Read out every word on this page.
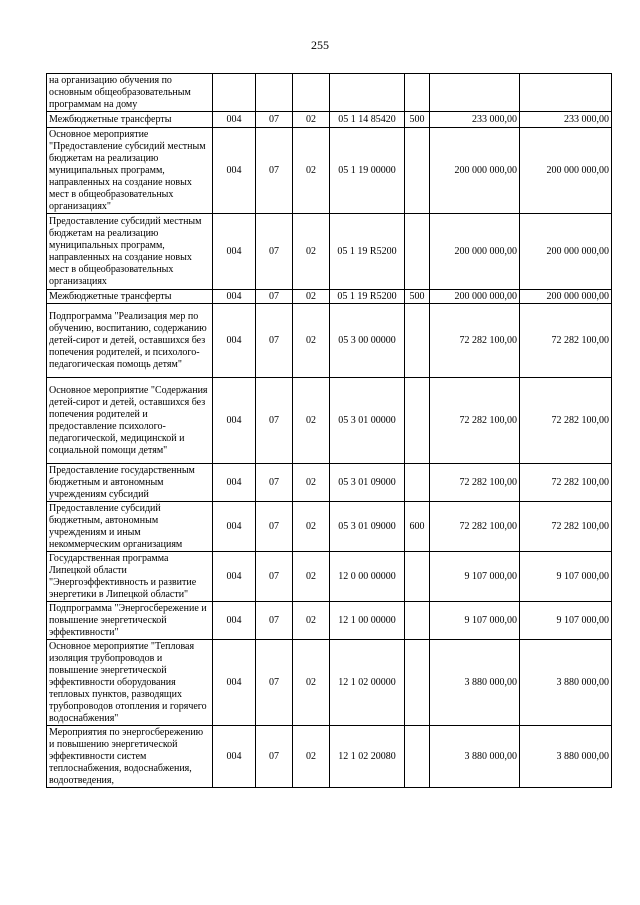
255
на организацию обучения по основным общеобразовательным программам на дому							
Межбюджетные трансферты	004	07	02	05 1 14 85420	500	233 000,00	233 000,00
Основное мероприятие "Предоставление субсидий местным бюджетам на реализацию муниципальных программ, направленных на создание новых мест в общеобразовательных организациях"	004	07	02	05 1 19 00000		200 000 000,00	200 000 000,00
Предоставление субсидий местным бюджетам на реализацию муниципальных программ, направленных на создание новых мест в общеобразовательных организациях	004	07	02	05 1 19 R5200		200 000 000,00	200 000 000,00
Межбюджетные трансферты	004	07	02	05 1 19 R5200	500	200 000 000,00	200 000 000,00
Подпрограмма "Реализация мер по обучению, воспитанию, содержанию детей-сирот и детей, оставшихся без попечения родителей, и психолого-педагогическая помощь детям"	004	07	02	05 3 00 00000		72 282 100,00	72 282 100,00
Основное мероприятие "Содержания детей-сирот и детей, оставшихся без попечения родителей и предоставление психолого-педагогической, медицинской и социальной помощи детям"	004	07	02	05 3 01 00000		72 282 100,00	72 282 100,00
Предоставление государственным бюджетным и автономным учреждениям субсидий	004	07	02	05 3 01 09000		72 282 100,00	72 282 100,00
Предоставление субсидий бюджетным, автономным учреждениям и иным некоммерческим организациям	004	07	02	05 3 01 09000	600	72 282 100,00	72 282 100,00
Государственная программа Липецкой области "Энергоэффективность и развитие энергетики в Липецкой области"	004	07	02	12 0 00 00000		9 107 000,00	9 107 000,00
Подпрограмма "Энергосбережение и повышение энергетической эффективности"	004	07	02	12 1 00 00000		9 107 000,00	9 107 000,00
Основное мероприятие "Тепловая изоляция трубопроводов и повышение энергетической эффективности оборудования тепловых пунктов, разводящих трубопроводов отопления и горячего водоснабжения"	004	07	02	12 1 02 00000		3 880 000,00	3 880 000,00
Мероприятия по энергосбережению и повышению энергетической эффективности систем теплоснабжения, водоснабжения, водоотведения,	004	07	02	12 1 02 20080		3 880 000,00	3 880 000,00
